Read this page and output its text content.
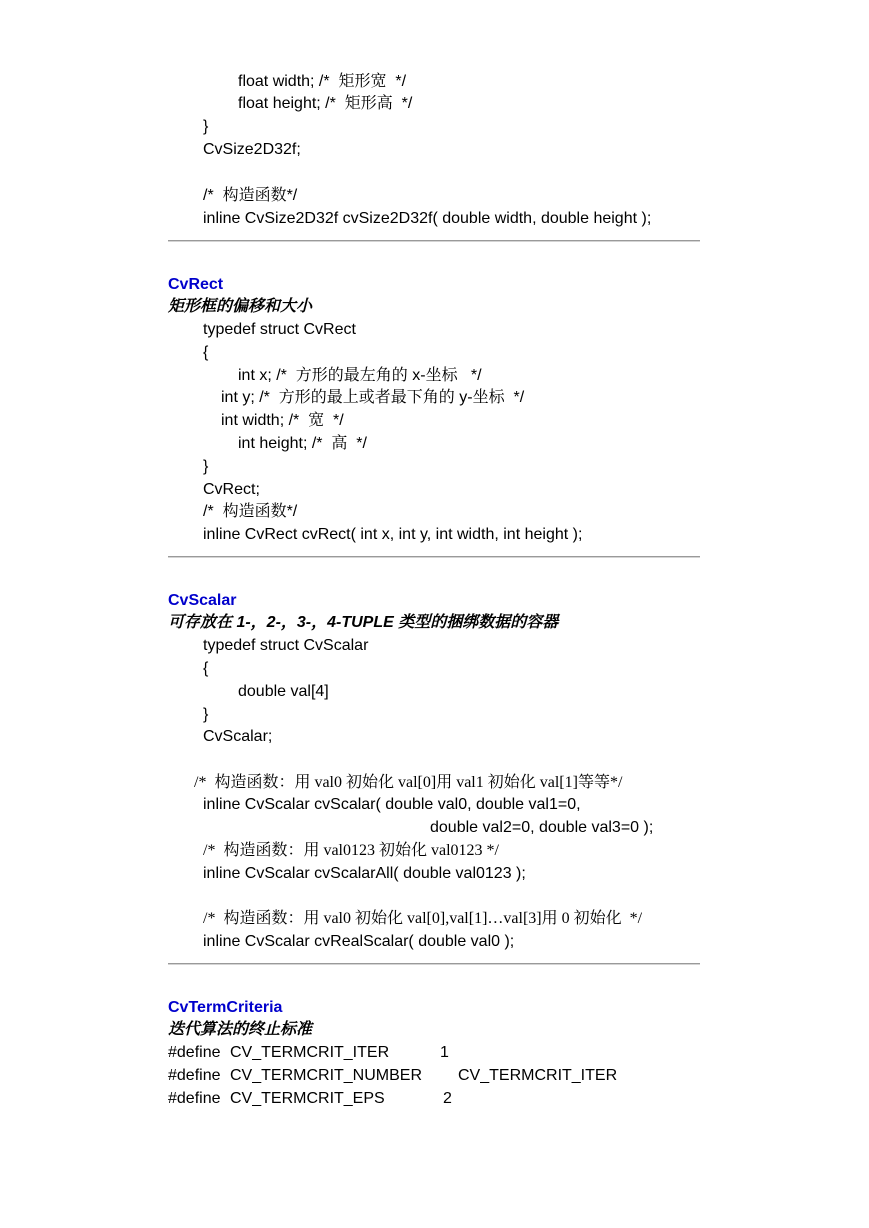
float width; /*  矩形宽  */
float height; /*  矩形高  */
}
CvSize2D32f;
/*  构造函数*/
inline CvSize2D32f cvSize2D32f( double width, double height );
CvRect
矩形框的偏移和大小
typedef struct CvRect
{
int x; /*  方形的最左角的 x-坐标   */
int y; /*  方形的最上或者最下角的 y-坐标  */
int width; /*  宽  */
int height; /*  高  */
}
CvRect;
/*  构造函数*/
inline CvRect cvRect( int x, int y, int width, int height );
CvScalar
可存放在 1-，2-，3-，4-TUPLE 类型的捆绑数据的容器
typedef struct CvScalar
{
double val[4]
}
CvScalar;
/*  构造函数：用 val0 初始化 val[0]用 val1 初始化 val[1]等等*/
inline CvScalar cvScalar( double val0, double val1=0,
double val2=0, double val3=0 );
/*  构造函数：用 val0123 初始化 val0123 */
inline CvScalar cvScalarAll( double val0123 );
/*  构造函数：用 val0 初始化 val[0],val[1]…val[3]用 0 初始化  */
inline CvScalar cvRealScalar( double val0 );
CvTermCriteria
迭代算法的终止标准
#define CV_TERMCRIT_ITER	1
#define CV_TERMCRIT_NUMBER CV_TERMCRIT_ITER
#define CV_TERMCRIT_EPS	2
